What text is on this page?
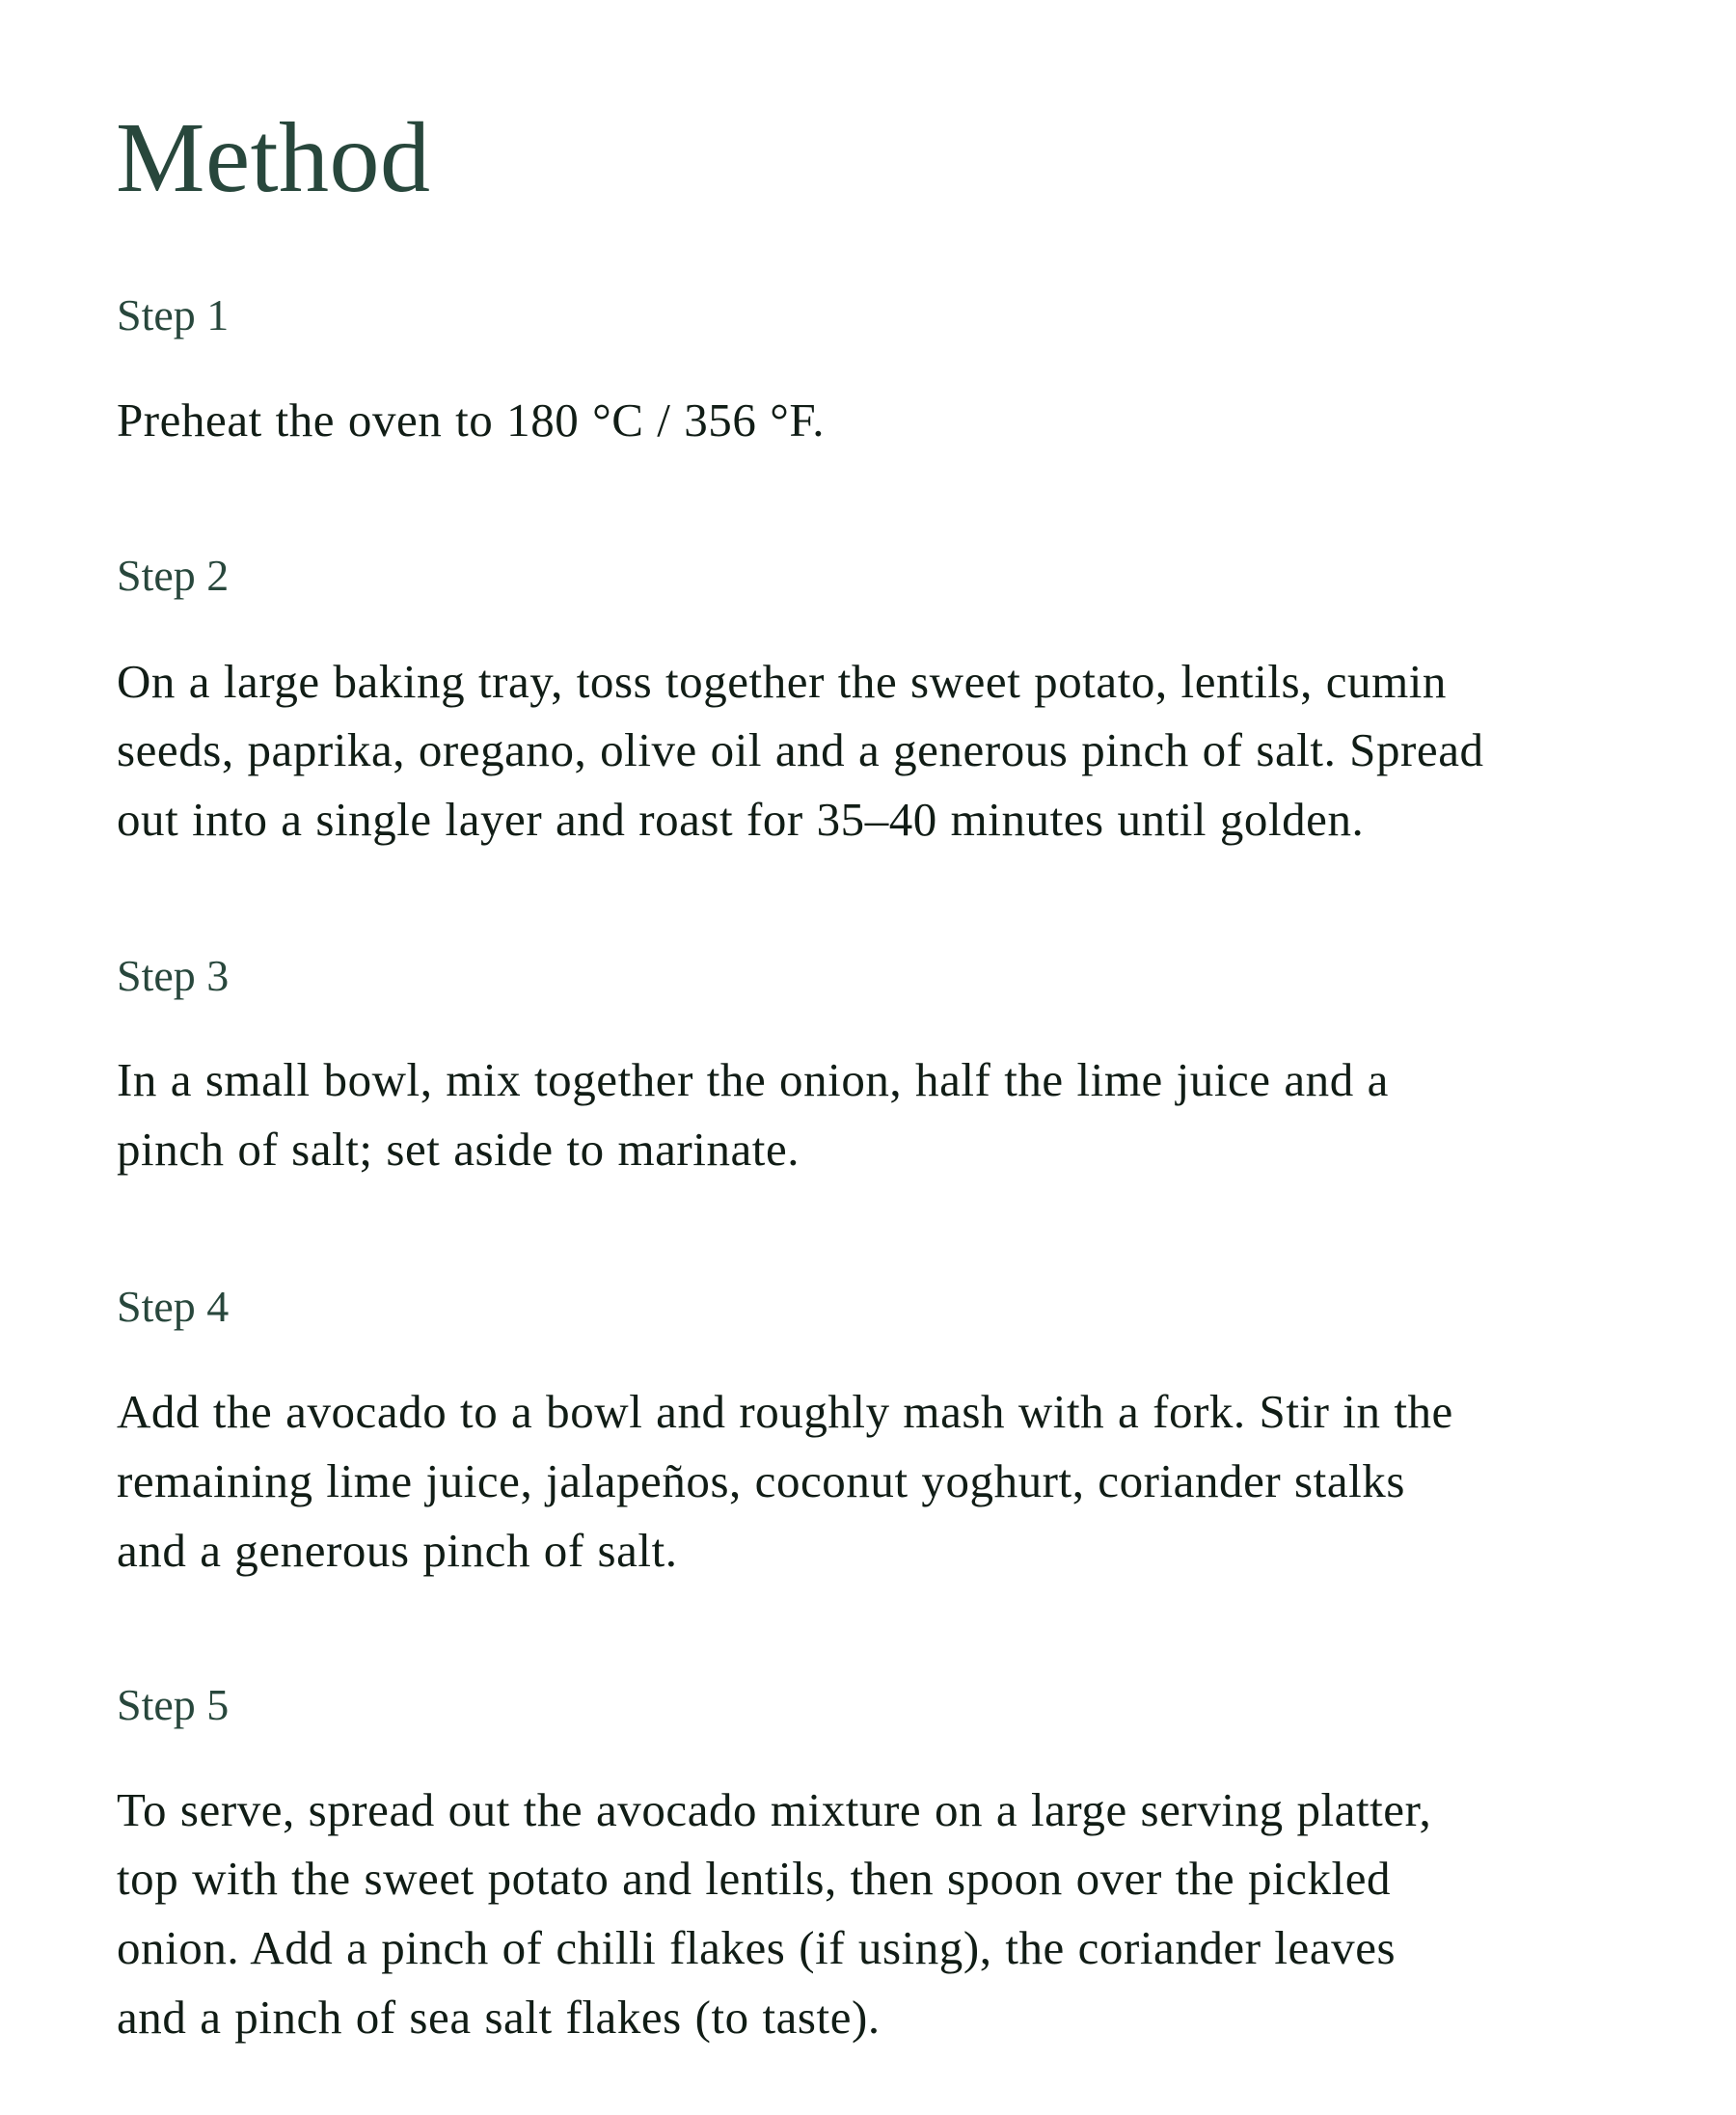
Method
Step 1

Preheat the oven to 180 °C / 356 °F.

Step 2

On a large baking tray, toss together the sweet potato, lentils, cumin

seeds, paprika, oregano, olive oil and a generous pinch of salt. Spread

out into a single layer and roast for 35–40 minutes until golden.

Step 3

In a small bowl, mix together the onion, half the lime juice and a

pinch of salt; set aside to marinate.

Step 4

Add the avocado to a bowl and roughly mash with a fork. Stir in the

remaining lime juice, jalapeños, coconut yoghurt, coriander stalks

and a generous pinch of salt.

Step 5

To serve, spread out the avocado mixture on a large serving platter,

top with the sweet potato and lentils, then spoon over the pickled

onion. Add a pinch of chilli flakes (if using), the coriander leaves

and a pinch of sea salt flakes (to taste).
